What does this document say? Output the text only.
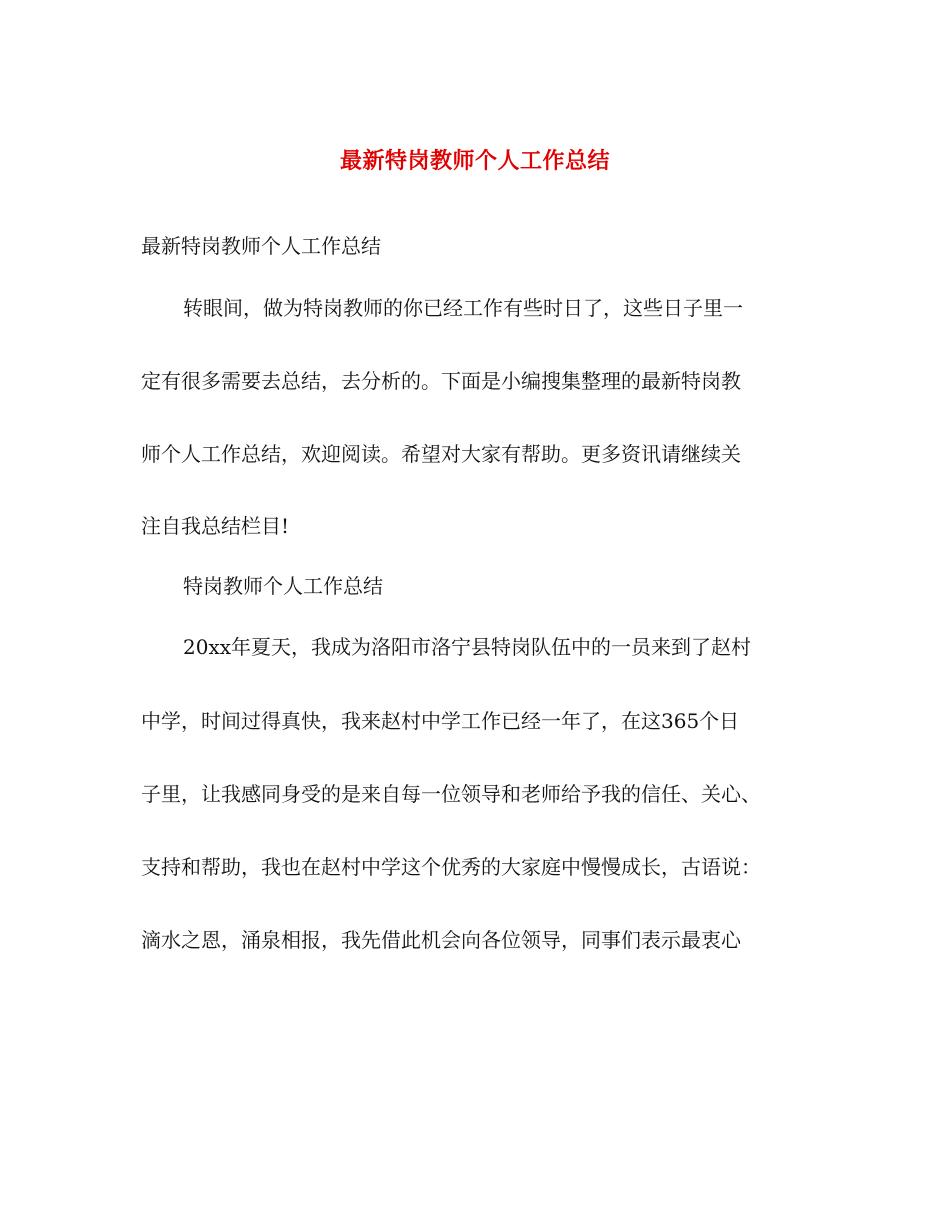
最新特岗教师个人工作总结
最新特岗教师个人工作总结
转眼间，做为特岗教师的你已经工作有些时日了，这些日子里一
定有很多需要去总结，去分析的。下面是小编搜集整理的最新特岗教
师个人工作总结，欢迎阅读。希望对大家有帮助。更多资讯请继续关
注自我总结栏目!
特岗教师个人工作总结
20xx年夏天，我成为洛阳市洛宁县特岗队伍中的一员来到了赵村
中学，时间过得真快，我来赵村中学工作已经一年了，在这365个日
子里，让我感同身受的是来自每一位领导和老师给予我的信任、关心、
支持和帮助，我也在赵村中学这个优秀的大家庭中慢慢成长，古语说：
滴水之恩，涌泉相报，我先借此机会向各位领导，同事们表示最衷心
